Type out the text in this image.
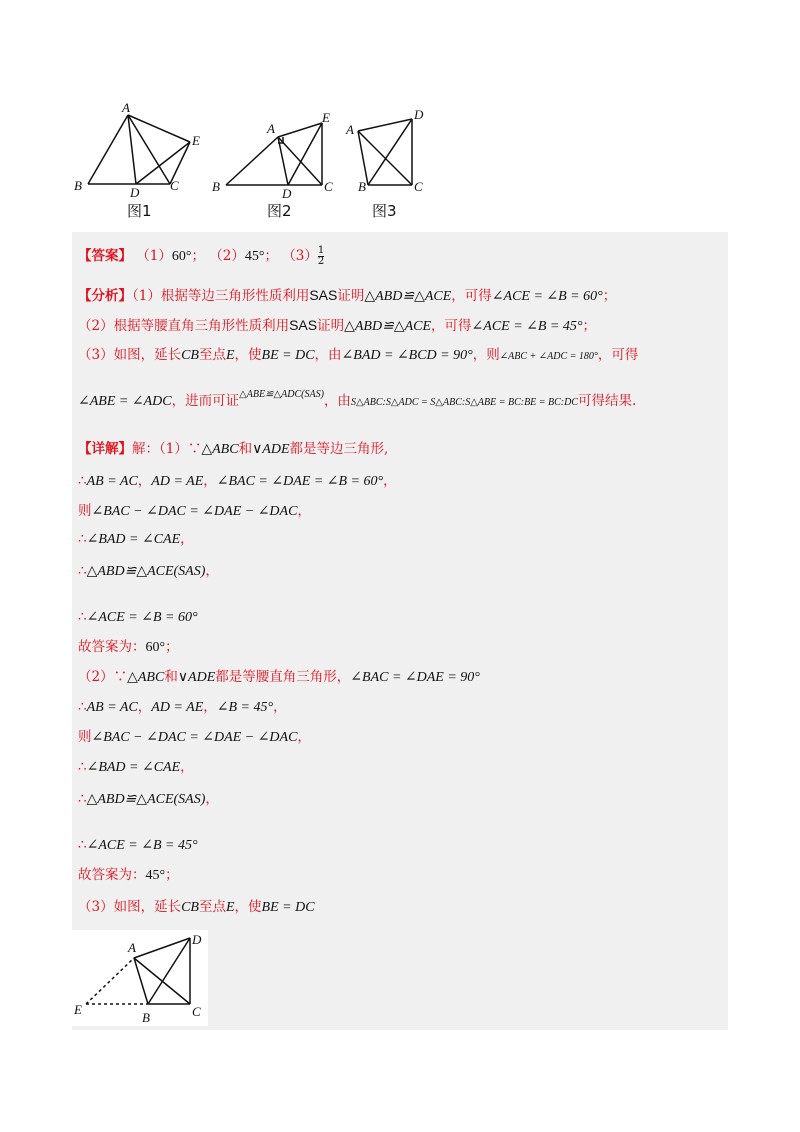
A
B	D C
E
图1
A
B	D	C
E
图2
A
B	C
D
图3
【答案】 （1）60°； （2）45°； $(3) \frac{1}{2}$
【分析】（1）根据等边三角形性质利用SAS证明△ABD≌△ACE，可得∠ACE = ∠B = 60°；
（2）根据等腰直角三角形性质利用SAS证明△ABD≌△ACE，可得∠ACE = ∠B = 45°；
（3）如图，延长CB至点E，使BE = DC，由∠BAD = ∠BCD = 90°，则∠ABC + ∠ADC = 180°，可得
∠ABE = ∠ADC，进而可证$^{\triangle ABE≌\triangle ADC(SAS)}$，由S△ABC:S△ADC = S△ABC:S△ABE = BC:BE = BC:DC可得结果.
【详解】解：（1）∵△ABC和∨ADE都是等边三角形,
∴AB = AC，AD = AE，∠BAC = ∠DAE = ∠B = 60°，
则∠BAC − ∠DAC = ∠DAE − ∠DAC，
∴∠BAD = ∠CAE，
∴△ABD≌△ACE(SAS)，
∴∠ACE = ∠B = 60°
故答案为：60°；
（2）∵△ABC和∨ADE都是等腰直角三角形，∠BAC = ∠DAE = 90°
∴AB = AC，AD = AE，∠B = 45°，
则∠BAC − ∠DAC = ∠DAE − ∠DAC，
∴∠BAD = ∠CAE，
∴△ABD≌△ACE(SAS)，
∴∠ACE = ∠B = 45°
故答案为：45°；
（3）如图，延长CB至点E，使BE = DC
A
D
E
B	C
